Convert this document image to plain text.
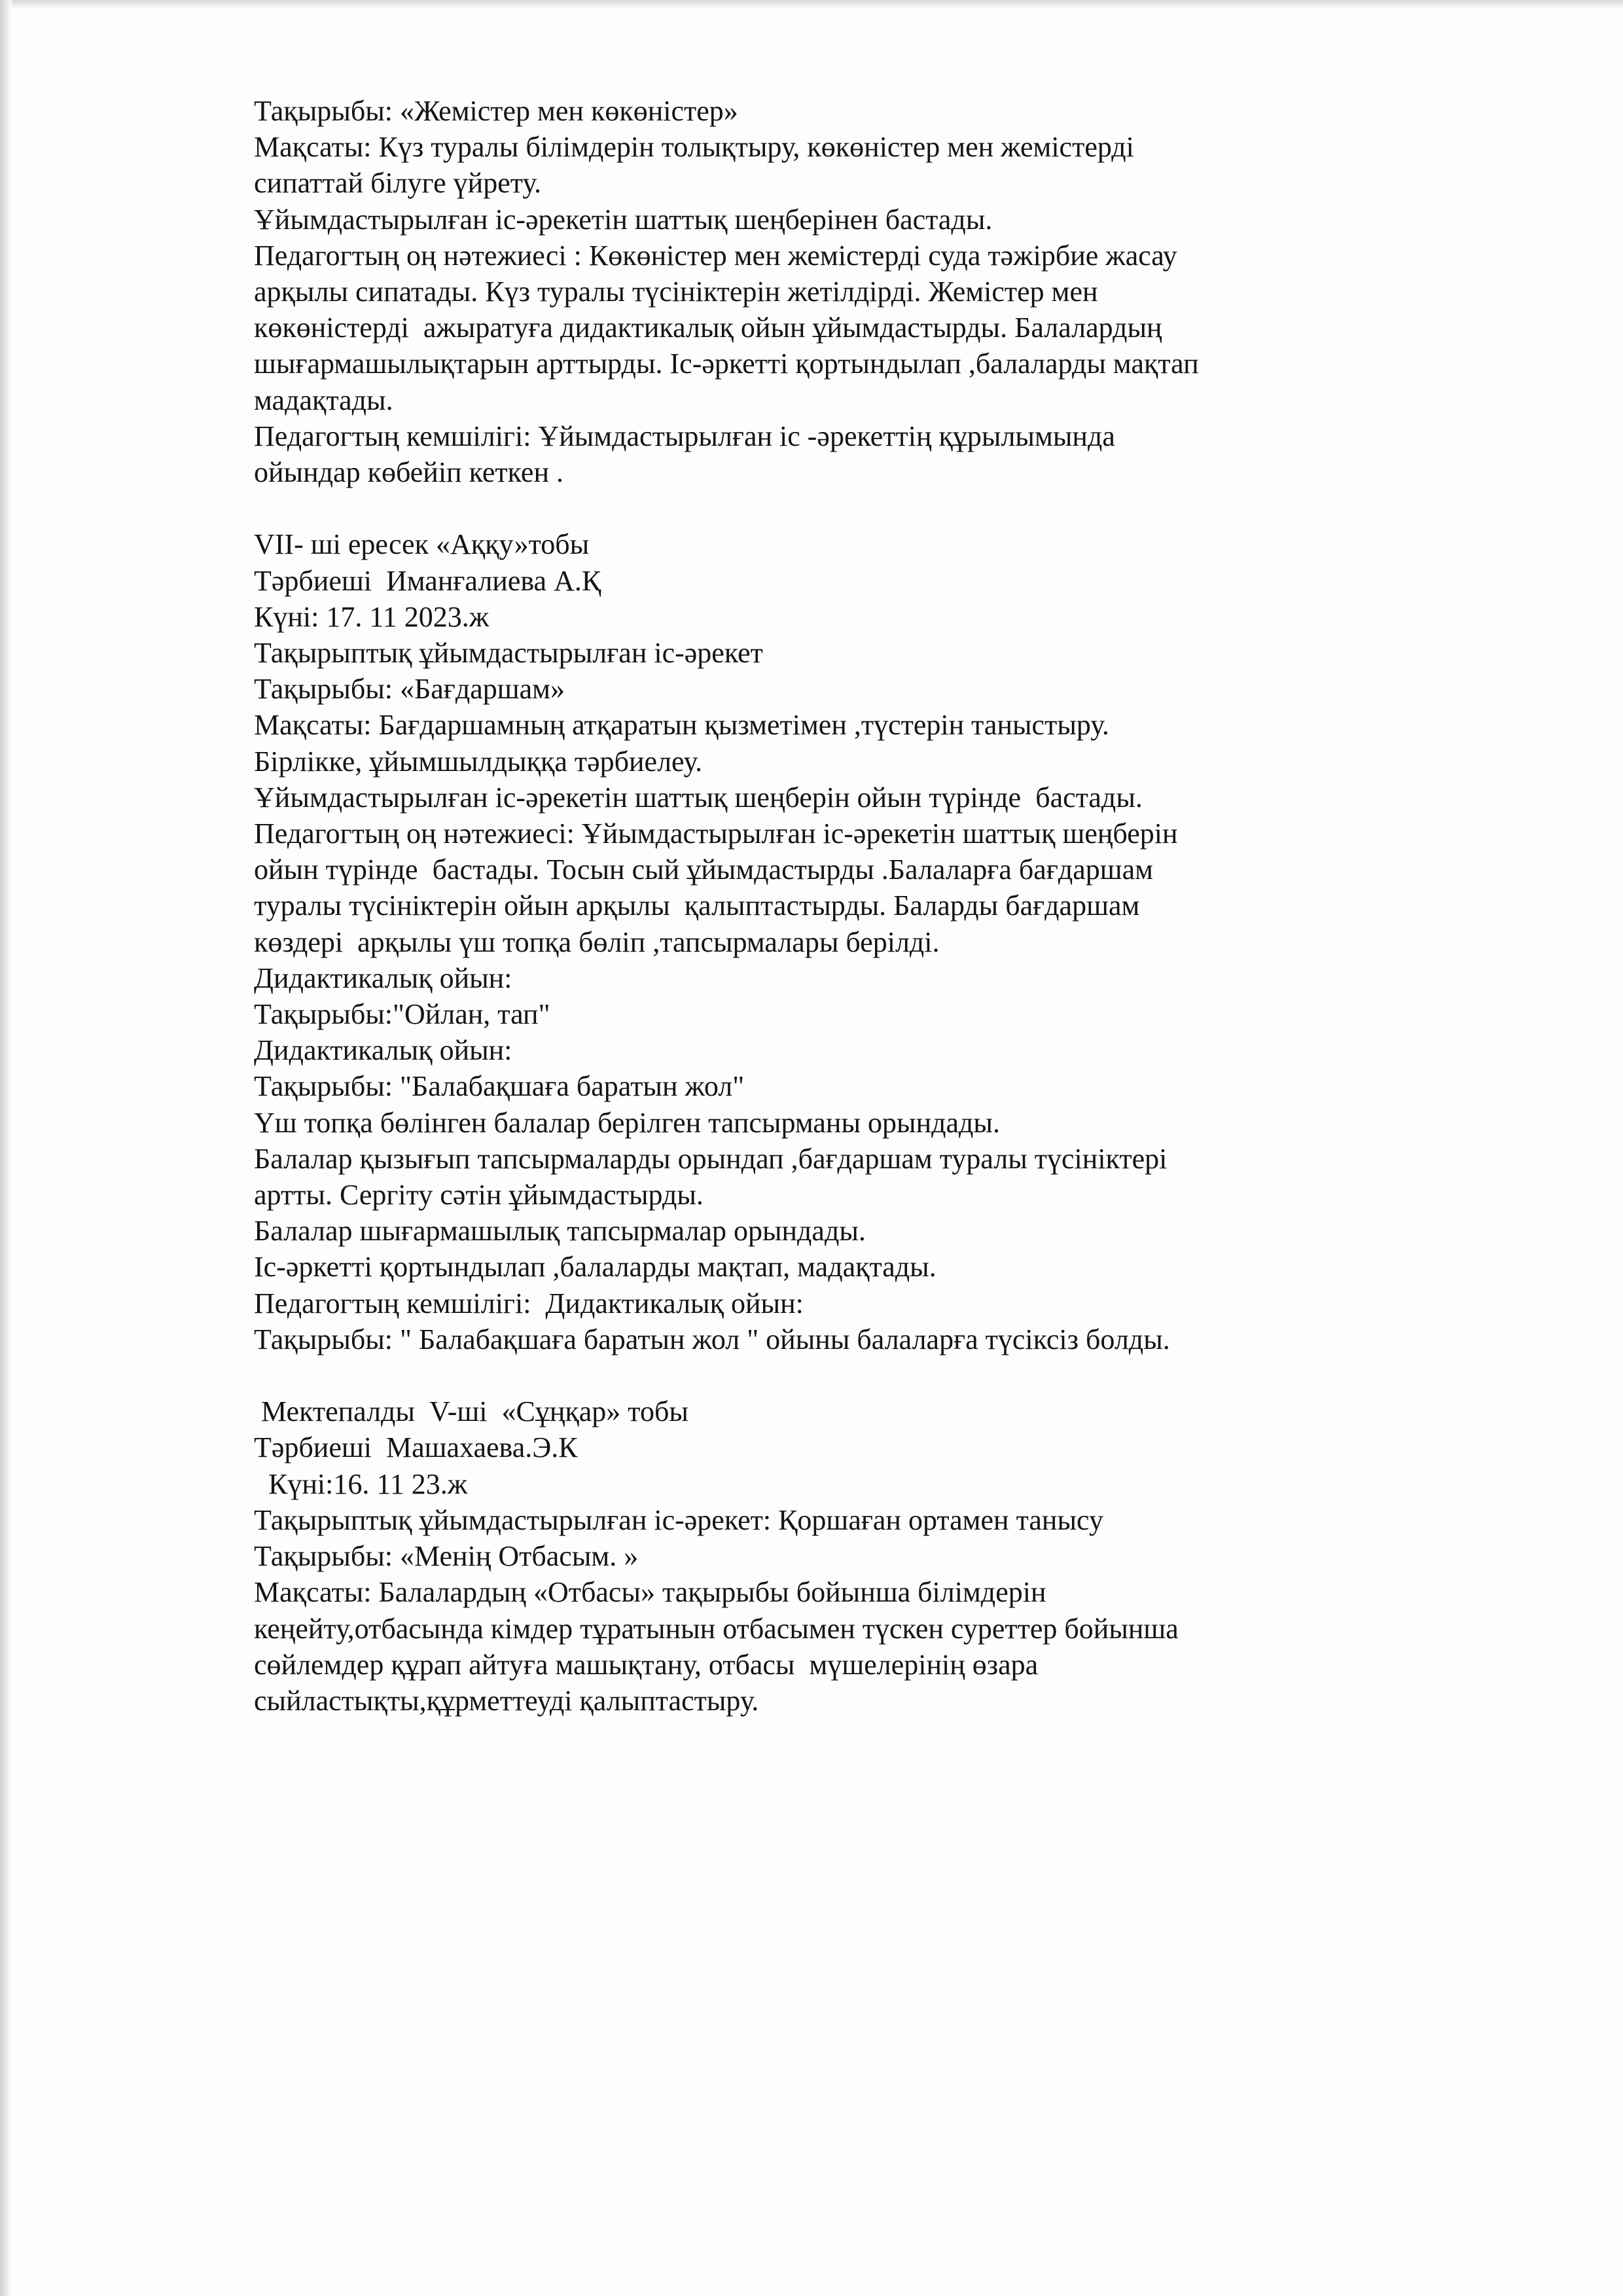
Тақырыбы: «Жемістер мен көкөністер»
Мақсаты: Күз туралы білімдерін толықтыру, көкөністер мен жемістерді
сипаттай білуге үйрету.
Ұйымдастырылған іс-әрекетін шаттық шеңберінен бастады.
Педагогтың оң нәтежиесі : Көкөністер мен жемістерді суда тәжірбие жасау
арқылы сипатады. Күз туралы түсініктерін жетілдірді. Жемістер мен
көкөністерді  ажыратуға дидактикалық ойын ұйымдастырды. Балалардың
шығармашылықтарын арттырды. Іс-әркетті қортындылап ,балаларды мақтап
мадақтады.
Педагогтың кемшілігі: Ұйымдастырылған іс -әрекеттің құрылымында
ойындар көбейіп кеткен .
VII- ші ересек «Аққу»тобы
Тәрбиеші  Иманғалиева А.Қ
Күні: 17. 11 2023.ж
Тақырыптық ұйымдастырылған іс-әрекет
Тақырыбы: «Бағдаршам»
Мақсаты: Бағдаршамның атқаратын қызметімен ,түстерін таныстыру.
Бірлікке, ұйымшылдыққа тәрбиелеу.
Ұйымдастырылған іс-әрекетін шаттық шеңберін ойын түрінде  бастады.
Педагогтың оң нәтежиесі: Ұйымдастырылған іс-әрекетін шаттық шеңберін
ойын түрінде  бастады. Тосын сый ұйымдастырды .Балаларға бағдаршам
туралы түсініктерін ойын арқылы  қалыптастырды. Баларды бағдаршам
көздері  арқылы үш топқа бөліп ,тапсырмалары берілді.
Дидактикалық ойын:
Тақырыбы:"Ойлан, тап"
Дидактикалық ойын:
Тақырыбы: "Балабақшаға баратын жол"
Үш топқа бөлінген балалар берілген тапсырманы орындады.
Балалар қызығып тапсырмаларды орындап ,бағдаршам туралы түсініктері
артты. Сергіту сәтін ұйымдастырды.
Балалар шығармашылық тапсырмалар орындады.
Іс-әркетті қортындылап ,балаларды мақтап, мадақтады.
Педагогтың кемшілігі:  Дидактикалық ойын:
Тақырыбы: " Балабақшаға баратын жол " ойыны балаларға түсіксіз болды.
Мектепалды  V-ші  «Сұңқар» тобы
Тәрбиеші  Машахаева.Э.К
Күні:16. 11 23.ж
Тақырыптық ұйымдастырылған іс-әрекет: Қоршаған ортамен танысу
Тақырыбы: «Менің Отбасым. »
Мақсаты: Балалардың «Отбасы» тақырыбы бойынша білімдерін
кеңейту,отбасында кімдер тұратынын отбасымен түскен суреттер бойынша
сөйлемдер құрап айтуға машықтану, отбасы  мүшелерінің өзара
сыйластықты,құрметтеуді қалыптастыру.
